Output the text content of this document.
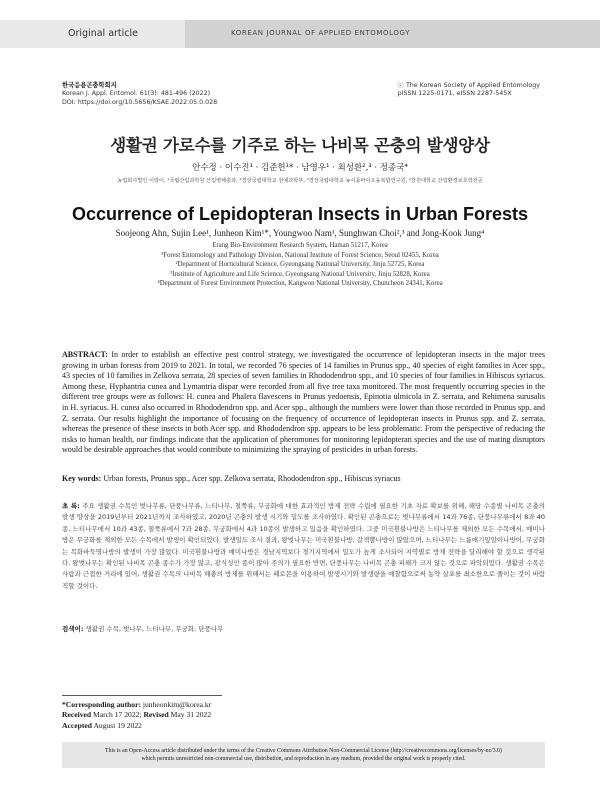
Original article	KOREAN JOURNAL OF APPLIED ENTOMOLOGY
한국응용곤충학회지
Korean J. Appl. Entomol. 61(3): 481-496 (2022)
DOI: https://doi.org/10.5656/KSAE.2022.05.0.028
ⓒ The Korean Society of Applied Entomology
pISSN 1225-0171, eISSN 2287-545X
생활권 가로수를 기주로 하는 나비목 곤충의 발생양상
안수정 · 이수진¹ · 김준헌¹* · 남영우¹ · 최성환²,³ · 정종국⁴
농업회사법인 이랑이, ¹국립산림과학원 산림병해충과, ²경상국립대학교 원예과학부, ³경상국립대학교 농식품바이오융복합연구원, ⁴강원대학교 산림환경보호학전공
Occurrence of Lepidopteran Insects in Urban Forests
Soojeong Ahn, Sujin Lee¹, Junheon Kim¹*, Youngwoo Nam¹, Sunghwan Choi²,³ and Jong-Kook Jung⁴
Erang Bio-Environment Research System, Haman 51217, Korea
¹Forest Entomology and Pathology Division, National Institute of Forest Science, Seoul 02455, Korea
²Department of Horticultural Science, Gyeongsang National University, Jinju 52725, Korea
³Institute of Agriculture and Life Science, Gyeongsang National University, Jinju 52828, Korea
⁴Department of Forest Environment Protection, Kangwon National University, Chuncheon 24341, Korea
ABSTRACT: In order to establish an effective pest control strategy, we investigated the occurrence of lepidopteran insects in the major trees growing in urban forests from 2019 to 2021. In total, we recorded 76 species of 14 families in Prunus spp., 40 species of eight families in Acer spp., 43 species of 10 families in Zelkova serrata, 28 species of seven families in Rhododendron spp., and 10 species of four families in Hibiscus syriacus. Among these, Hyphantria cunea and Lymantria dispar were recorded from all five tree taxa monitored. The most frequently occurring species in the different tree groups were as follows: H. cunea and Phalera flavescens in Prunus yedoensis, Epinotia ulmicola in Z. serrata, and Rehimena surusalis in H. syriacus. H. cunea also occurred in Rhododendron spp. and Acer spp., although the numbers were lower than those recorded in Prunus spp. and Z. serrata. Our results highlight the importance of focusing on the frequency of occurrence of lepidopteran insects in Prunus spp. and Z. serrata, whereas the presence of these insects in both Acer spp. and Rhododendron spp. appears to be less problematic. From the perspective of reducing the risks to human health, our findings indicate that the application of pheromones for monitoring lepidopteran species and the use of mating disruptors would be desirable approaches that would contribute to minimizing the spraying of pesticides in urban forests.
Key words: Urban forests, Prunus spp., Acer spp. Zelkova serrata, Rhododendron spp., Hibiscus syriacus
초 록: 주요 생활권 수목인 벚나무류, 단풍나무류, 느티나무, 철쭉류, 무궁화에 대한 효과적인 방제 전략 수립에 필요한 기초 자료 확보를 위해, 해당 수종별 나비목 곤충의 발생 양상을 2019년부터 2021년까지 조사하였고, 2020년 곤충의 발생 시기와 밀도를 조사하였다. 확인된 곤충으로는 벚나무류에서 14과 76종, 단풍나무류에서 8과 40종, 느티나무에서 10과 43종, 철쭉류에서 7과 28종, 무궁화에서 4과 10종이 발생하고 있음을 확인하였다. 그중 미국흰불나방은 느티나무를 제외한 모든 수목에서, 매미나방은 무궁화를 제외한 모든 수목에서 발생이 확인되었다. 발생밀도 조사 결과, 왕벚나무는 미국흰불나방, 갈색뿔나방이 많았으며, 느티나무는 느릅애기잎말이나방이, 무궁화는 목화바둑명나방의 발생이 가장 많았다. 미국흰불나방과 매미나방은 경남지역보다 경기지역에서 밀도가 높게 조사되어 지역별로 방제 전략을 달리해야 할 것으로 생각된다. 왕벚나무는 확인된 나비목 곤충 종수가 가장 많고, 광식성인 종이 많아 주의가 필요한 반면, 단풍나무는 나비목 곤충 피해가 크지 않는 것으로 파악되었다. 생활권 수목은 사람과 근접한 거리에 있어, 생활권 수목의 나비목 해충의 방제를 위해서는 페로몬을 이용하여 발생시기와 발생량을 예찰함으로써 농약 살포를 최소한으로 줄이는 것이 바람직할 것이다.
검색어: 생활권 수목, 벚나무, 느티나무, 무궁화, 단풍나무
*Corresponding author: junheonkim@korea.kr
Received March 17 2022; Revised May 31 2022
Accepted August 19 2022
This is an Open-Access article distributed under the terms of the Creative Commons Attribution Non-Commercial License (http://creativecommons.org/licenses/by-nc/3.0)
which permits unrestricted non-commercial use, distribution, and reproduction in any medium, provided the original work is properly cited.
